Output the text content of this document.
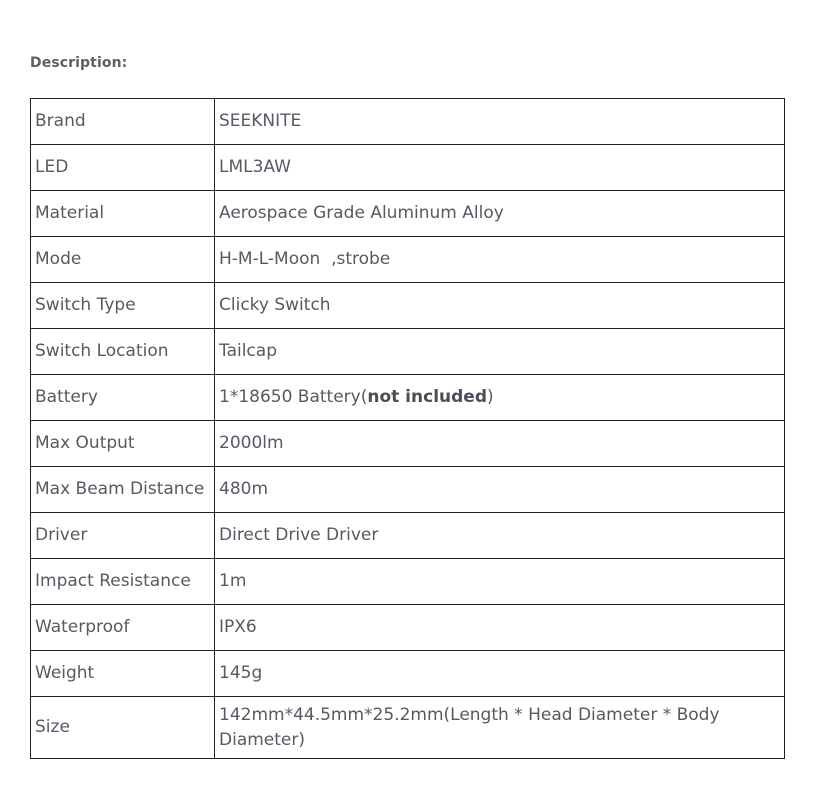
Description:

Brand	SEEKNITE
LED	LML3AW
Material	Aerospace Grade Aluminum Alloy
Mode	H-M-L-Moon  ,strobe
Switch Type	Clicky Switch
Switch Location	Tailcap
Battery	1*18650 Battery(not included)
Max Output	2000lm
Max Beam Distance	480m
Driver	Direct Drive Driver
Impact Resistance	1m
Waterproof	IPX6
Weight	145g
Size	142mm*44.5mm*25.2mm(Length * Head Diameter * Body Diameter)
